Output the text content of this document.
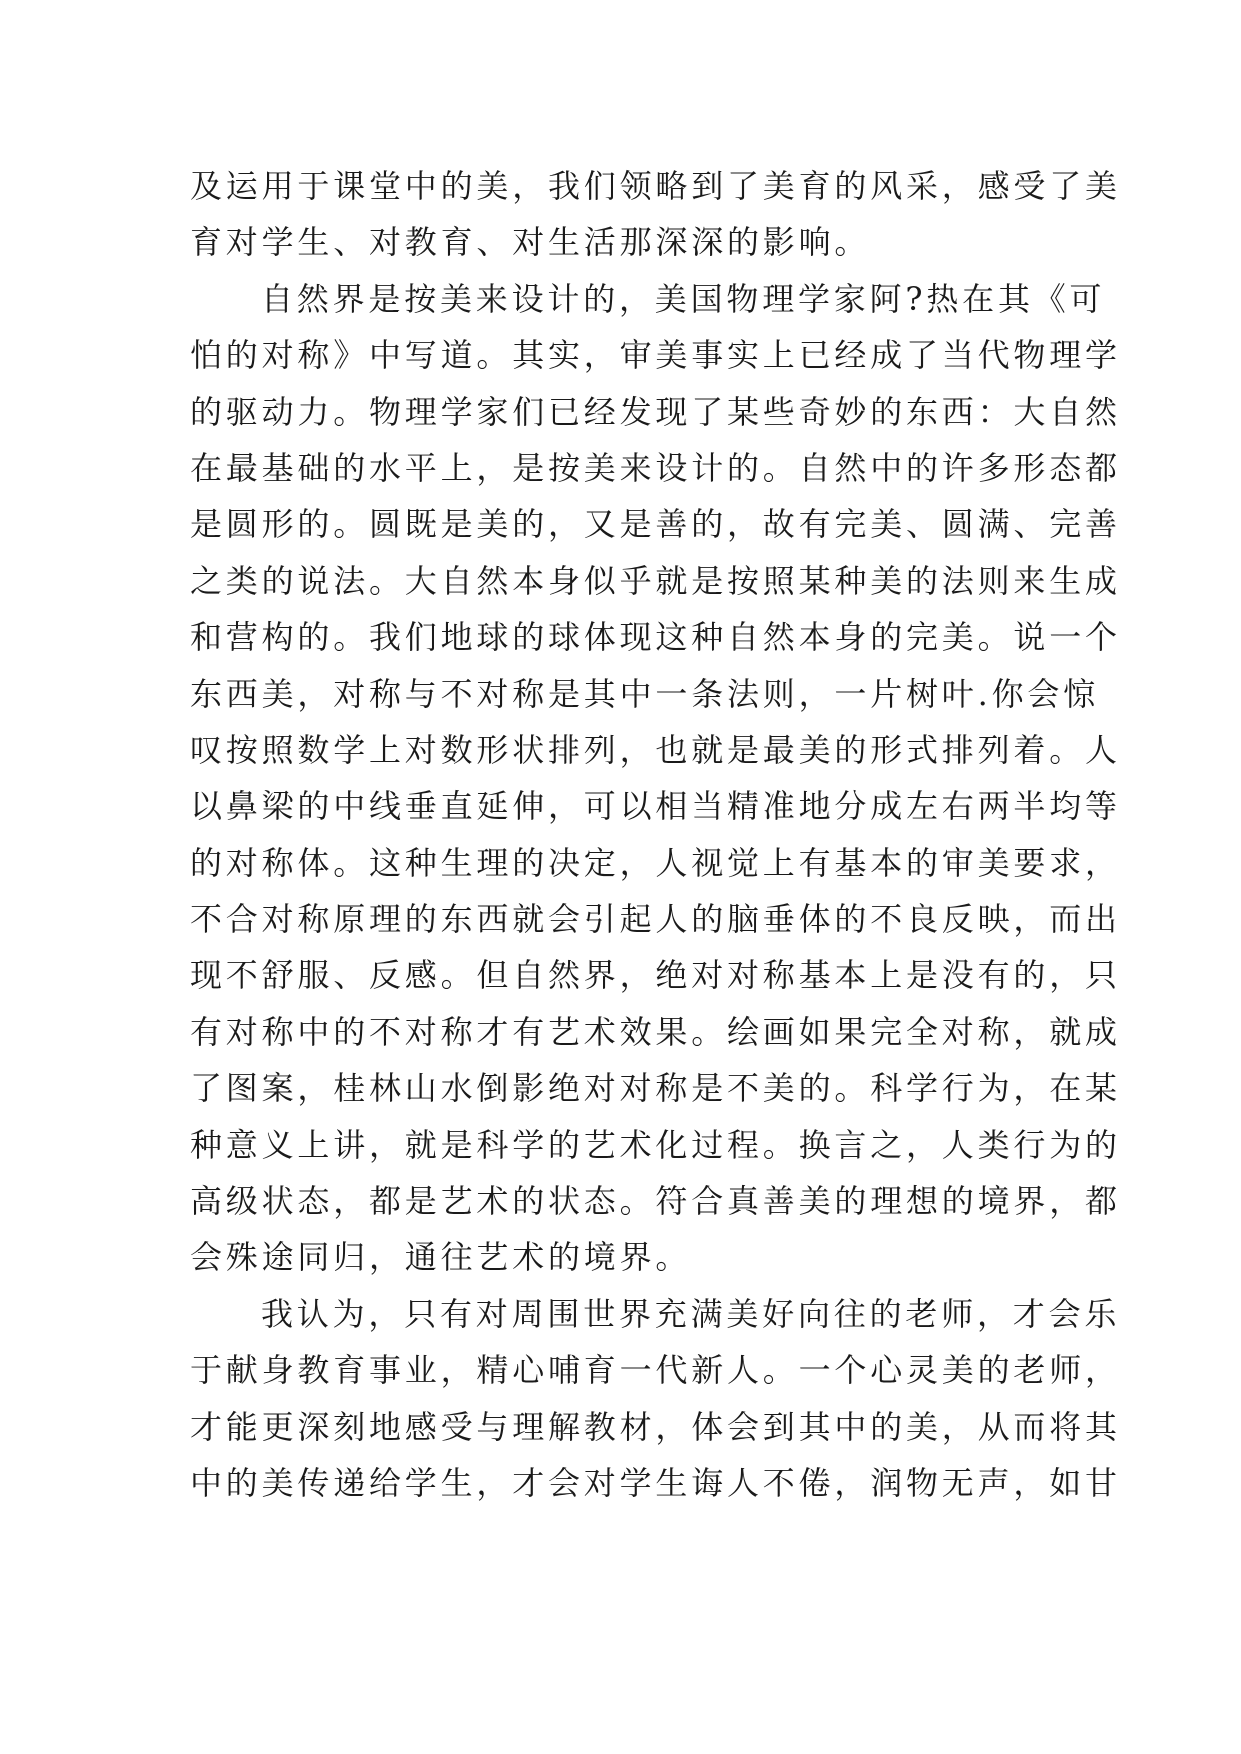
及运用于课堂中的美，我们领略到了美育的风采，感受了美
育对学生、对教育、对生活那深深的影响。
自然界是按美来设计的，美国物理学家阿?热在其《可
怕的对称》中写道。其实，审美事实上已经成了当代物理学
的驱动力。物理学家们已经发现了某些奇妙的东西：大自然
在最基础的水平上，是按美来设计的。自然中的许多形态都
是圆形的。圆既是美的，又是善的，故有完美、圆满、完善
之类的说法。大自然本身似乎就是按照某种美的法则来生成
和营构的。我们地球的球体现这种自然本身的完美。说一个
东西美，对称与不对称是其中一条法则，一片树叶.你会惊
叹按照数学上对数形状排列，也就是最美的形式排列着。人
以鼻梁的中线垂直延伸，可以相当精准地分成左右两半均等
的对称体。这种生理的决定，人视觉上有基本的审美要求，
不合对称原理的东西就会引起人的脑垂体的不良反映，而出
现不舒服、反感。但自然界，绝对对称基本上是没有的，只
有对称中的不对称才有艺术效果。绘画如果完全对称，就成
了图案，桂林山水倒影绝对对称是不美的。科学行为，在某
种意义上讲，就是科学的艺术化过程。换言之，人类行为的
高级状态，都是艺术的状态。符合真善美的理想的境界，都
会殊途同归，通往艺术的境界。
我认为，只有对周围世界充满美好向往的老师，才会乐
于献身教育事业，精心哺育一代新人。一个心灵美的老师，
才能更深刻地感受与理解教材，体会到其中的美，从而将其
中的美传递给学生，才会对学生诲人不倦，润物无声，如甘
